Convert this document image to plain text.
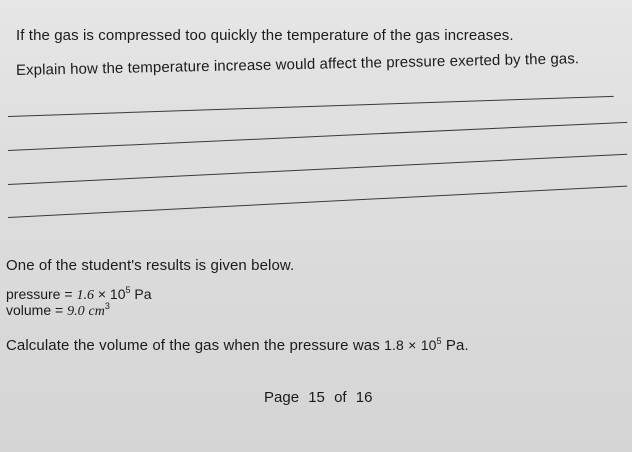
If the gas is compressed too quickly the temperature of the gas increases.
Explain how the temperature increase would affect the pressure exerted by the gas.
One of the student's results is given below.
pressure = $1.6 \times 10^5$ Pa
volume = 9.0 $cm^3$
Calculate the volume of the gas when the pressure was $1.8 \times 10^5$ Pa.
Page 15 of 16
